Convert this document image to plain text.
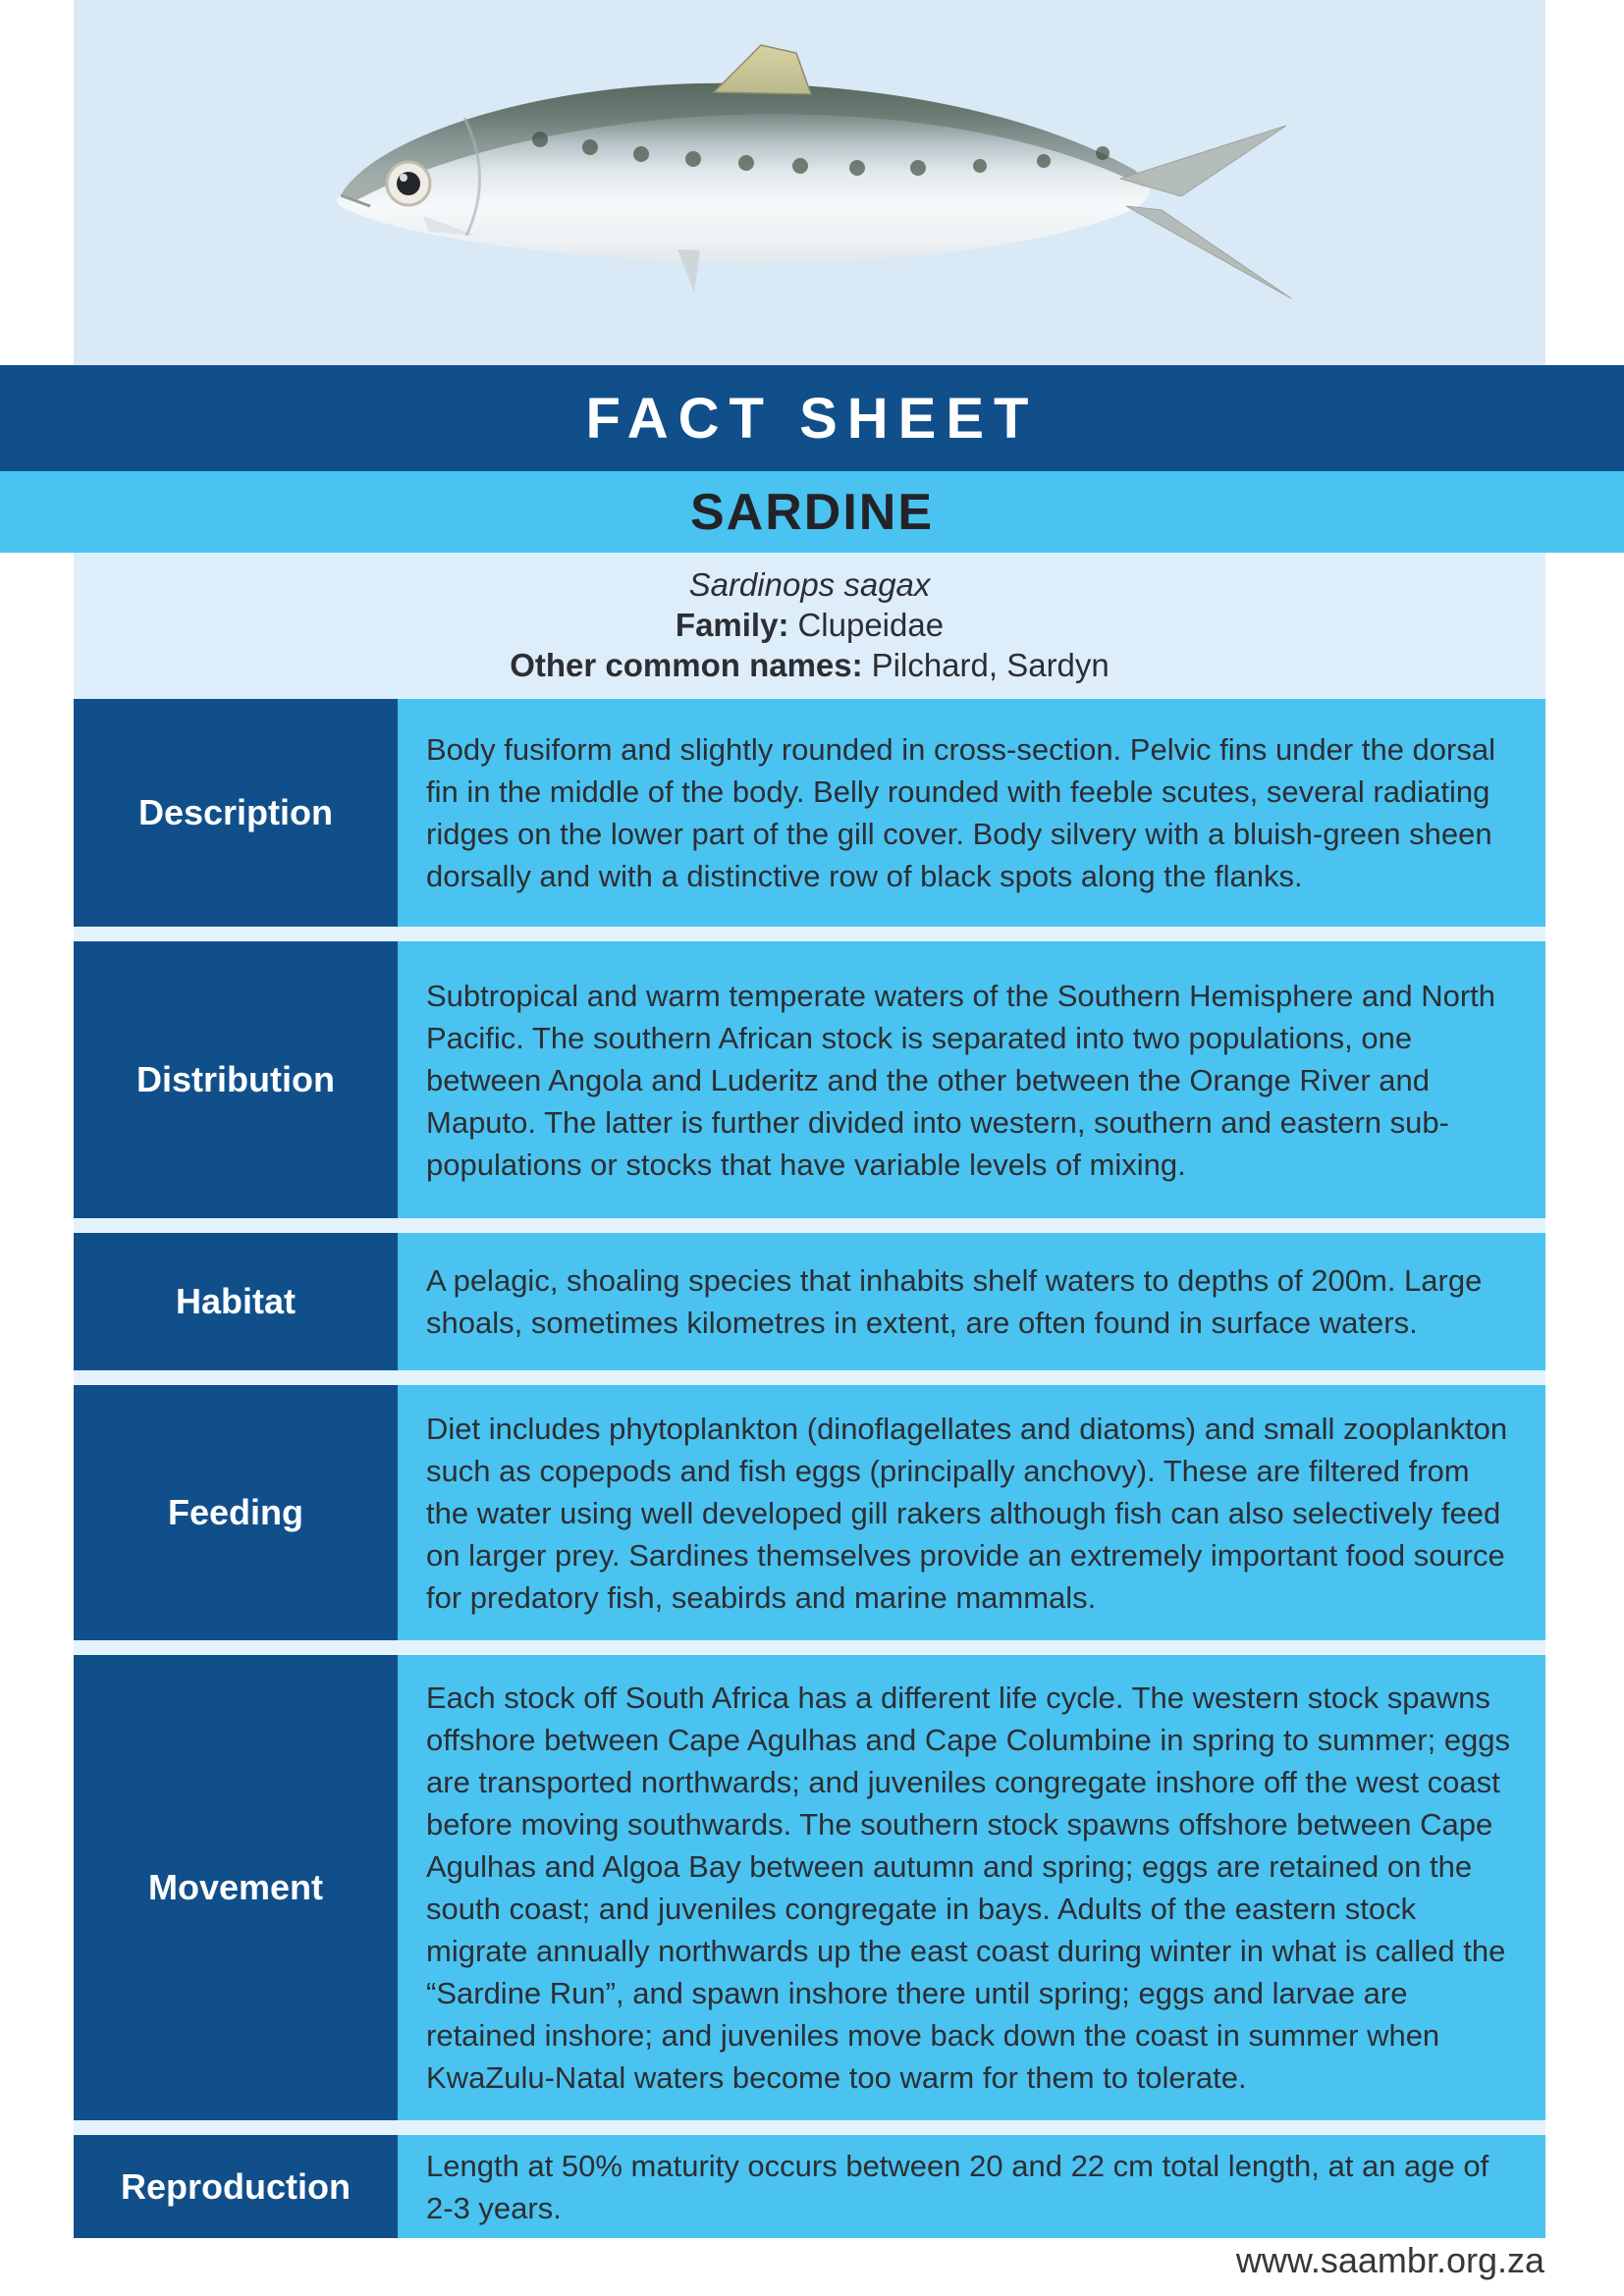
FACT SHEET
SARDINE
Sardinops sagax
Family: Clupeidae
Other common names: Pilchard, Sardyn
Description
Body fusiform and slightly rounded in cross-section. Pelvic fins under the dorsal fin in the middle of the body. Belly rounded with feeble scutes, several radiating ridges on the lower part of the gill cover. Body silvery with a bluish-green sheen dorsally and with a distinctive row of black spots along the flanks.
Distribution
Subtropical and warm temperate waters of the Southern Hemisphere and North Pacific. The southern African stock is separated into two populations, one between Angola and Luderitz and the other between the Orange River and Maputo. The latter is further divided into western, southern and eastern sub-populations or stocks that have variable levels of mixing.
Habitat
A pelagic, shoaling species that inhabits shelf waters to depths of 200m. Large shoals, sometimes kilometres in extent, are often found in surface waters.
Feeding
Diet includes phytoplankton (dinoflagellates and diatoms) and small zooplankton such as copepods and fish eggs (principally anchovy). These are filtered from the water using well developed gill rakers although fish can also selectively feed on larger prey. Sardines themselves provide an extremely important food source for predatory fish, seabirds and marine mammals.
Movement
Each stock off South Africa has a different life cycle. The western stock spawns offshore between Cape Agulhas and Cape Columbine in spring to summer; eggs are transported northwards; and juveniles congregate inshore off the west coast before moving southwards. The southern stock spawns offshore between Cape Agulhas and Algoa Bay between autumn and spring; eggs are retained on the south coast; and juveniles congregate in bays. Adults of the eastern stock migrate annually northwards up the east coast during winter in what is called the “Sardine Run”, and spawn inshore there until spring; eggs and larvae are retained inshore; and juveniles move back down the coast in summer when KwaZulu-Natal waters become too warm for them to tolerate.
Reproduction
Length at 50% maturity occurs between 20 and 22 cm total length, at an age of 2-3 years.
www.saambr.org.za
